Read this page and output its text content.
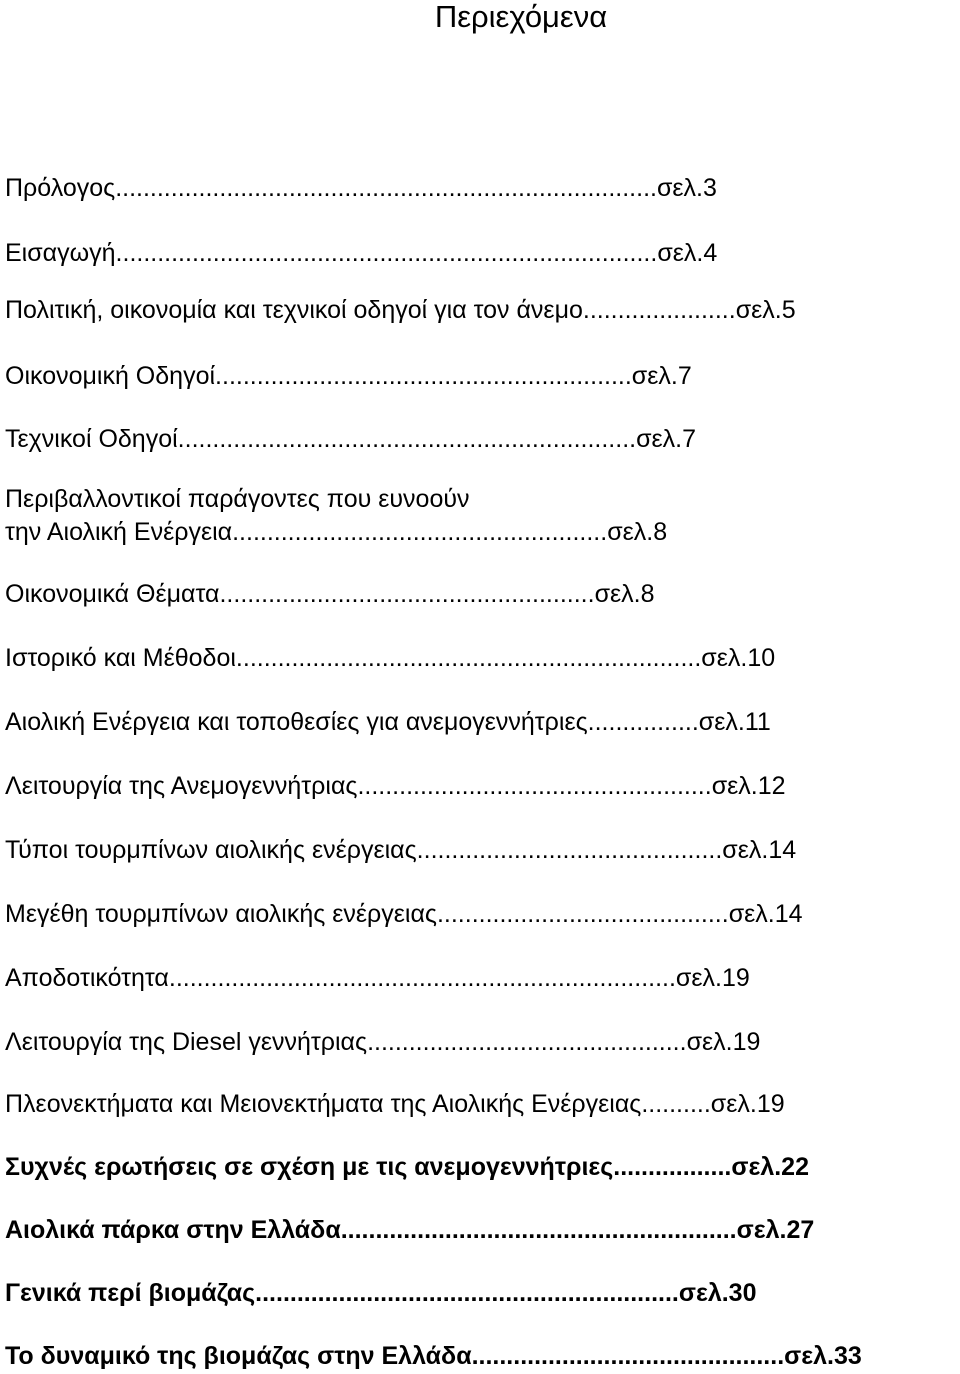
Περιεχόμενα
Πρόλογος..............................................................................σελ.3
Εισαγωγή..............................................................................σελ.4
Πολιτική, οικονομία και τεχνικοί οδηγοί για τον άνεμο......................σελ.5
Οικονομική Οδηγοί............................................................σελ.7
Τεχνικοί Οδηγοί..................................................................σελ.7
Περιβαλλοντικοί παράγοντες που ευνοούν
την Αιολική Ενέργεια......................................................σελ.8
Οικονομικά Θέματα......................................................σελ.8
Ιστορικό και Μέθοδοι...................................................................σελ.10
Αιολική Ενέργεια και τοποθεσίες για ανεμογεννήτριες................σελ.11
Λειτουργία της Ανεμογεννήτριας...................................................σελ.12
Τύποι τουρμπίνων αιολικής ενέργειας............................................σελ.14
Μεγέθη τουρμπίνων αιολικής ενέργειας..........................................σελ.14
Αποδοτικότητα.........................................................................σελ.19
Λειτουργία της Diesel γεννήτριας..............................................σελ.19
Πλεονεκτήματα και Μειονεκτήματα της Αιολικής Ενέργειας..........σελ.19
Συχνές ερωτήσεις σε σχέση με τις ανεμογεννήτριες.................σελ.22
Αιολικά πάρκα στην Ελλάδα.........................................................σελ.27
Γενικά περί βιομάζας.............................................................σελ.30
Το δυναμικό της βιομάζας στην Ελλάδα.............................................σελ.33
